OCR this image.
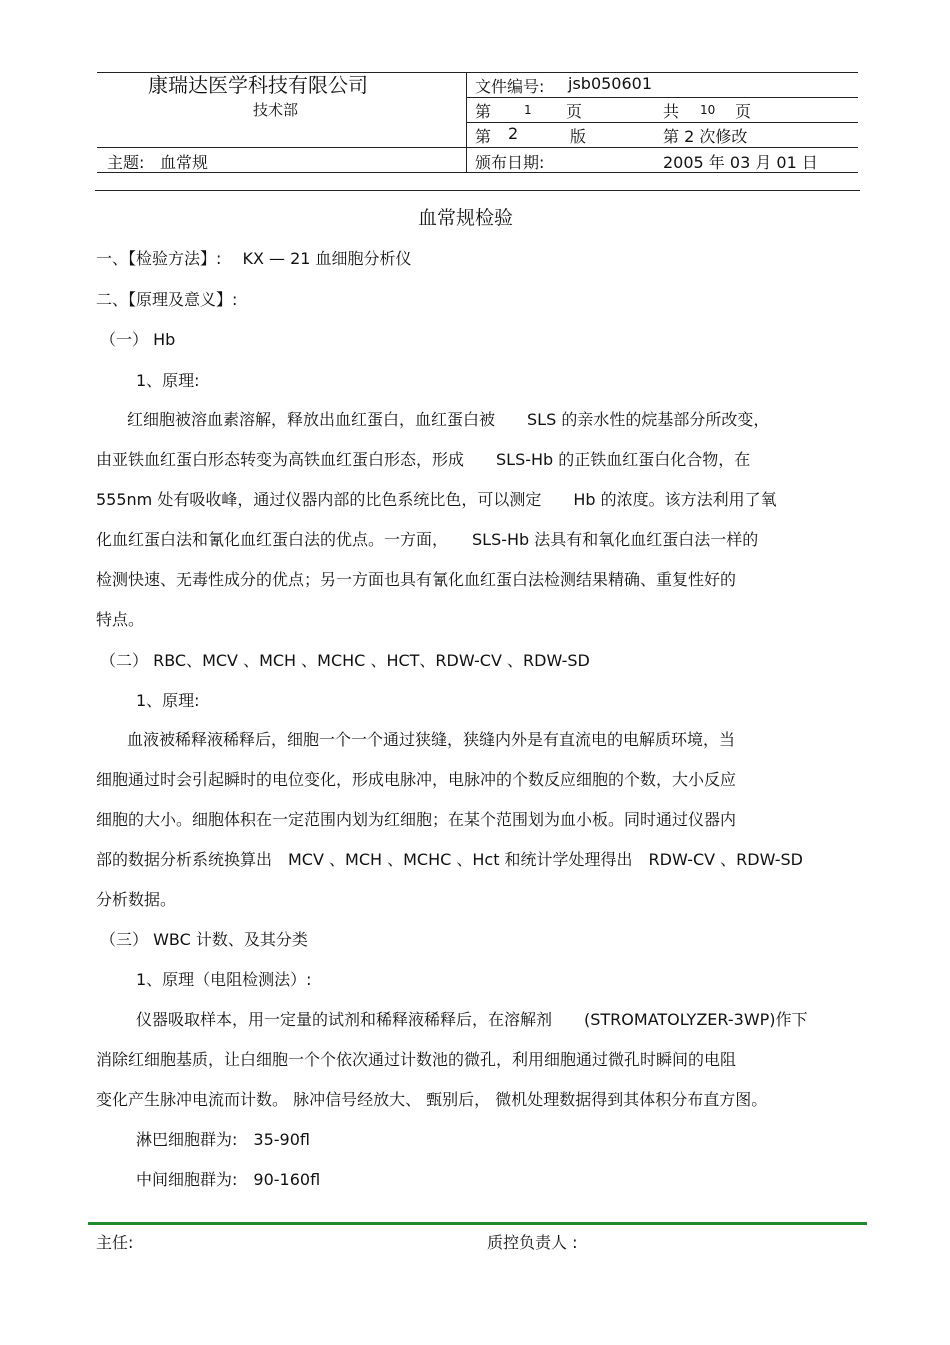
康瑞达医学科技有限公司
技术部
文件编号: jsb050601
第	1 页	共 10 页
第 2	版	第 2 次修改
主题: 血常规	颁布日期:	2005 年 03 月 01 日
血常规检验
一、【检验方法】:　 KX — 21 血细胞分析仪
二、【原理及意义】:
（一） Hb
1、原理:
红细胞被溶血素溶解，释放出血红蛋白，血红蛋白被　　SLS 的亲水性的烷基部分所改变，
由亚铁血红蛋白形态转变为高铁血红蛋白形态，形成　　SLS-Hb 的正铁血红蛋白化合物，在
555nm 处有吸收峰，通过仪器内部的比色系统比色，可以测定　　Hb 的浓度。该方法利用了氧
化血红蛋白法和氰化血红蛋白法的优点。一方面，　　SLS-Hb 法具有和氧化血红蛋白法一样的
检测快速、无毒性成分的优点；另一方面也具有氰化血红蛋白法检测结果精确、重复性好的
特点。
（二） RBC、MCV 、MCH 、MCHC 、HCT、RDW-CV 、RDW-SD
1、原理:
血液被稀释液稀释后，细胞一个一个通过狭缝，狭缝内外是有直流电的电解质环境，当
细胞通过时会引起瞬时的电位变化，形成电脉冲，电脉冲的个数反应细胞的个数，大小反应
细胞的大小。细胞体积在一定范围内划为红细胞；在某个范围划为血小板。同时通过仪器内
部的数据分析系统换算出　MCV 、MCH 、MCHC 、Hct 和统计学处理得出　RDW-CV 、RDW-SD
分析数据。
（三） WBC 计数、及其分类
1、原理（电阻检测法）:
仪器吸取样本，用一定量的试剂和稀释液稀释后，在溶解剂　　(STROMATOLYZER-3WP)作下
消除红细胞基质，让白细胞一个个依次通过计数池的微孔，利用细胞通过微孔时瞬间的电阻
变化产生脉冲电流而计数。 脉冲信号经放大、 甄别后， 微机处理数据得到其体积分布直方图。
淋巴细胞群为:　35-90fl
中间细胞群为:　90-160fl
主任:	质控负责人 :
